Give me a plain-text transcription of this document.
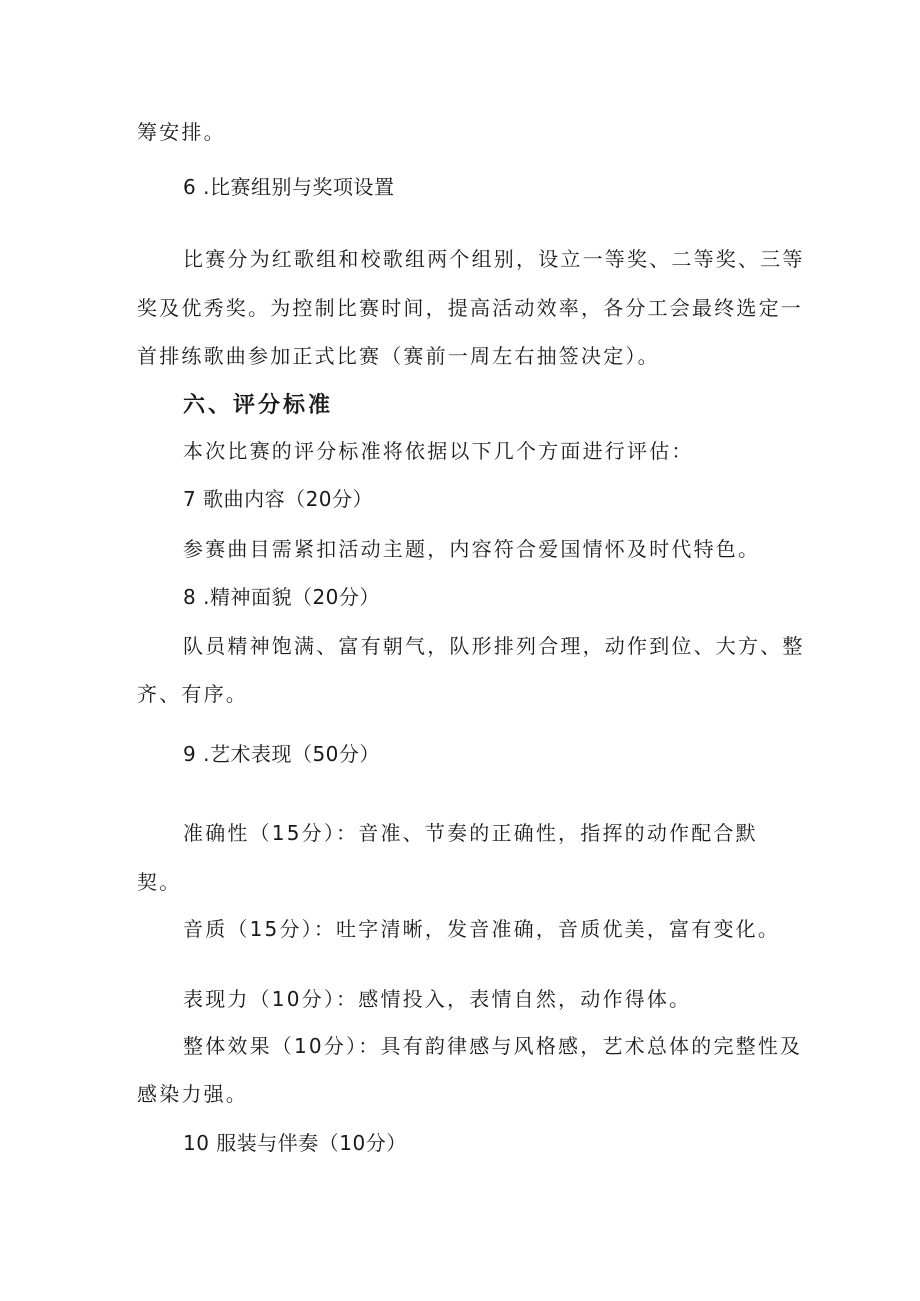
筹安排。

6 .比赛组别与奖项设置

比赛分为红歌组和校歌组两个组别，设立一等奖、二等奖、三等

奖及优秀奖。为控制比赛时间，提高活动效率，各分工会最终选定一

首排练歌曲参加正式比赛（赛前一周左右抽签决定）。

六、评分标准

本次比赛的评分标准将依据以下几个方面进行评估：

7 歌曲内容（20分）

参赛曲目需紧扣活动主题，内容符合爱国情怀及时代特色。

8 .精神面貌（20分）

队员精神饱满、富有朝气，队形排列合理，动作到位、大方、整

齐、有序。

9 .艺术表现（50分）

准确性（15分）：音准、节奏的正确性，指挥的动作配合默

契。

音质（15分）：吐字清晰，发音准确，音质优美，富有变化。

表现力（10分）：感情投入，表情自然，动作得体。

整体效果（10分）：具有韵律感与风格感，艺术总体的完整性及

感染力强。

10 服装与伴奏（10分）
